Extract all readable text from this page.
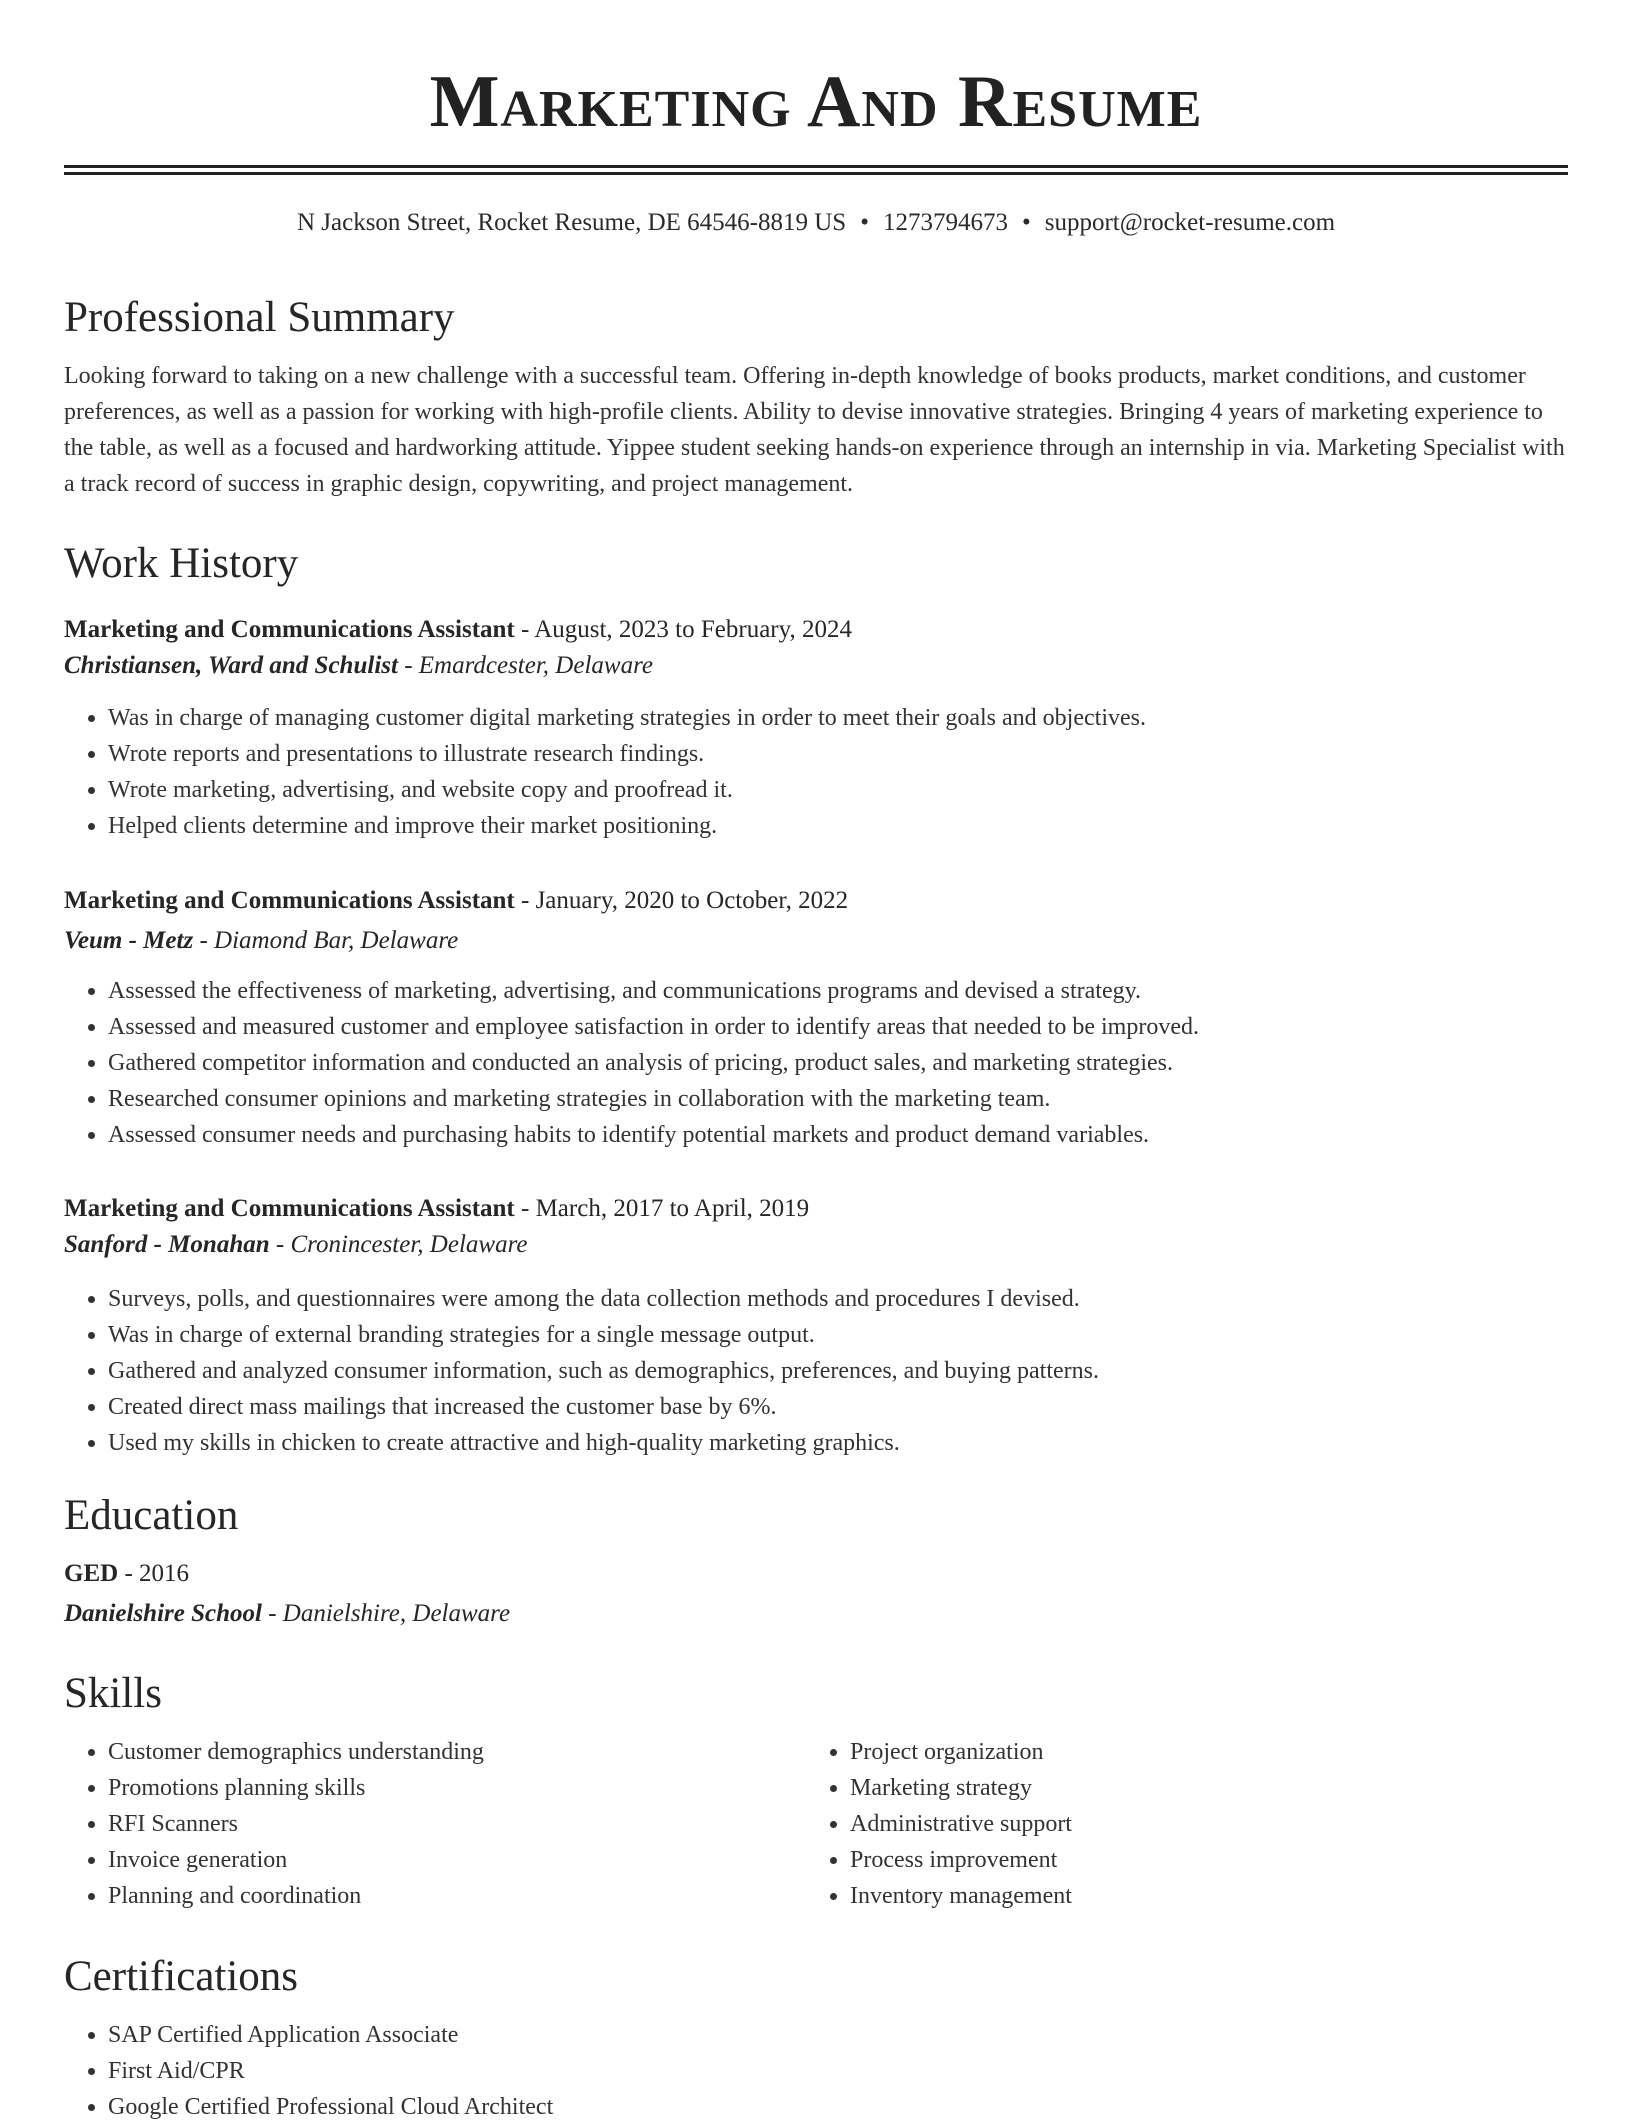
Marketing And Resume
N Jackson Street, Rocket Resume, DE 64546-8819 US • 1273794673 • support@rocket-resume.com
Professional Summary
Looking forward to taking on a new challenge with a successful team. Offering in-depth knowledge of books products, market conditions, and customer preferences, as well as a passion for working with high-profile clients. Ability to devise innovative strategies. Bringing 4 years of marketing experience to the table, as well as a focused and hardworking attitude. Yippee student seeking hands-on experience through an internship in via. Marketing Specialist with a track record of success in graphic design, copywriting, and project management.
Work History
Marketing and Communications Assistant - August, 2023 to February, 2024
Christiansen, Ward and Schulist - Emardcester, Delaware
• Was in charge of managing customer digital marketing strategies in order to meet their goals and objectives.
• Wrote reports and presentations to illustrate research findings.
• Wrote marketing, advertising, and website copy and proofread it.
• Helped clients determine and improve their market positioning.
Marketing and Communications Assistant - January, 2020 to October, 2022
Veum - Metz - Diamond Bar, Delaware
• Assessed the effectiveness of marketing, advertising, and communications programs and devised a strategy.
• Assessed and measured customer and employee satisfaction in order to identify areas that needed to be improved.
• Gathered competitor information and conducted an analysis of pricing, product sales, and marketing strategies.
• Researched consumer opinions and marketing strategies in collaboration with the marketing team.
• Assessed consumer needs and purchasing habits to identify potential markets and product demand variables.
Marketing and Communications Assistant - March, 2017 to April, 2019
Sanford - Monahan - Cronincester, Delaware
• Surveys, polls, and questionnaires were among the data collection methods and procedures I devised.
• Was in charge of external branding strategies for a single message output.
• Gathered and analyzed consumer information, such as demographics, preferences, and buying patterns.
• Created direct mass mailings that increased the customer base by 6%.
• Used my skills in chicken to create attractive and high-quality marketing graphics.
Education
GED - 2016
Danielshire School - Danielshire, Delaware
Skills
• Customer demographics understanding
• Promotions planning skills
• RFI Scanners
• Invoice generation
• Planning and coordination
• Project organization
• Marketing strategy
• Administrative support
• Process improvement
• Inventory management
Certifications
• SAP Certified Application Associate
• First Aid/CPR
• Google Certified Professional Cloud Architect
